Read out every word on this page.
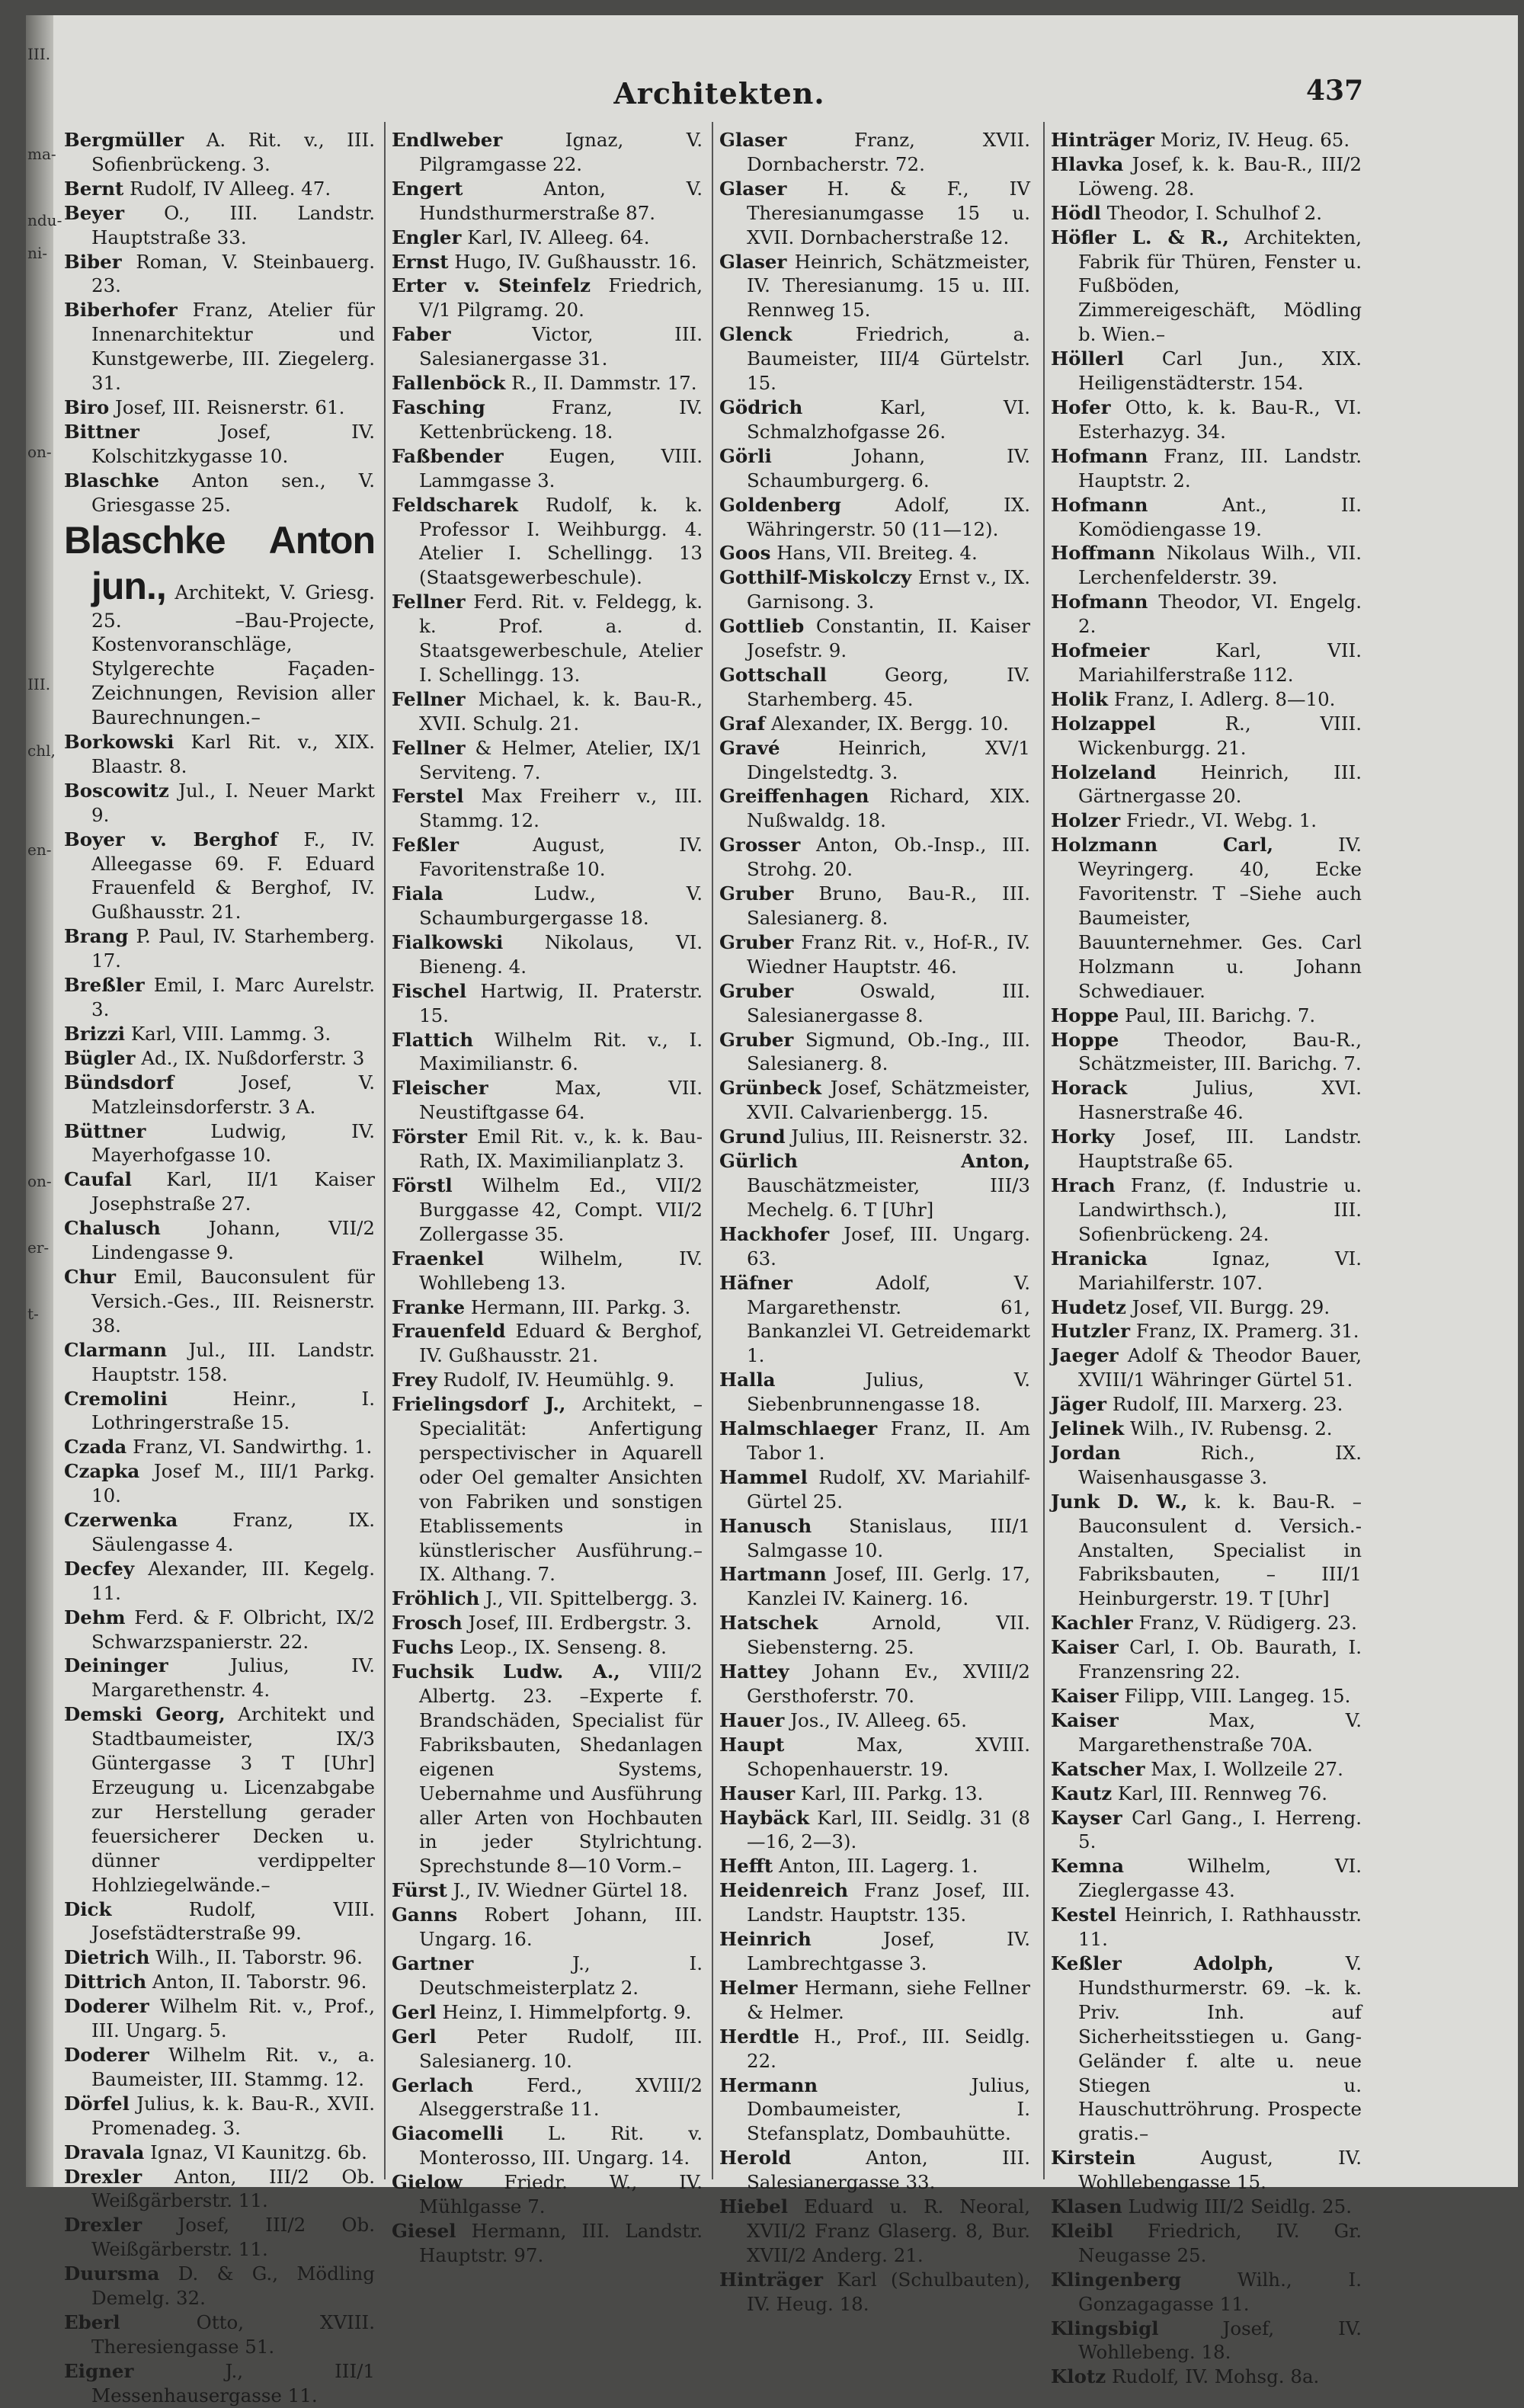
III.

ma-

ndu-
ni-

on-

III.

chl,

en-

on-

er-

t-

Architekten.	437

Bergmüller A. Rit. v., III. Sofienbrückeng. 3.

Bernt Rudolf, IV Alleeg. 47.

Beyer O., III. Landstr. Hauptstraße 33.

Biber Roman, V. Steinbauerg. 23.

Biberhofer Franz, Atelier für Innenarchitektur und Kunstgewerbe, III. Ziegelerg. 31.

Biro Josef, III. Reisnerstr. 61.

Bittner Josef, IV. Kolschitzkygasse 10.

Blaschke Anton sen., V. Griesgasse 25.

Blaschke Anton jun., Architekt, V. Griesg. 25. –Bau-Projecte, Kostenvoranschläge, Stylgerechte Façaden-Zeichnungen, Revision aller Baurechnungen.–

Borkowski Karl Rit. v., XIX. Blaastr. 8.

Boscowitz Jul., I. Neuer Markt 9.

Boyer v. Berghof F., IV. Alleegasse 69. F. Eduard Frauenfeld & Berghof, IV. Gußhausstr. 21.

Brang P. Paul, IV. Starhemberg. 17.

Breßler Emil, I. Marc Aurelstr. 3.

Brizzi Karl, VIII. Lammg. 3.

Bügler Ad., IX. Nußdorferstr. 3

Bündsdorf Josef, V. Matzleinsdorferstr. 3 A.

Büttner Ludwig, IV. Mayerhofgasse 10.

Caufal Karl, II/1 Kaiser Josephstraße 27.

Chalusch Johann, VII/2 Lindengasse 9.

Chur Emil, Bauconsulent für Versich.-Ges., III. Reisnerstr. 38.

Clarmann Jul., III. Landstr. Hauptstr. 158.

Cremolini Heinr., I. Lothringerstraße 15.

Czada Franz, VI. Sandwirthg. 1.

Czapka Josef M., III/1 Parkg. 10.

Czerwenka Franz, IX. Säulengasse 4.

Decfey Alexander, III. Kegelg. 11.

Dehm Ferd. & F. Olbricht, IX/2 Schwarzspanierstr. 22.

Deininger Julius, IV. Margarethenstr. 4.

Demski Georg, Architekt und Stadtbaumeister, IX/3 Güntergasse 3 T [Uhr] Erzeugung u. Licenzabgabe zur Herstellung gerader feuersicherer Decken u. dünner verdippelter Hohlziegelwände.–

Dick Rudolf, VIII. Josefstädterstraße 99.

Dietrich Wilh., II. Taborstr. 96.

Dittrich Anton, II. Taborstr. 96.

Doderer Wilhelm Rit. v., Prof., III. Ungarg. 5.

Doderer Wilhelm Rit. v., a. Baumeister, III. Stammg. 12.

Dörfel Julius, k. k. Bau-R., XVII. Promenadeg. 3.

Dravala Ignaz, VI Kaunitzg. 6b.

Drexler Anton, III/2 Ob. Weißgärberstr. 11.

Drexler Josef, III/2 Ob. Weißgärberstr. 11.

Duursma D. & G., Mödling Demelg. 32.

Eberl Otto, XVIII. Theresiengasse 51.

Eigner J., III/1 Messenhausergasse 11.

Endlweber Ignaz, V. Pilgramgasse 22.

Engert Anton, V. Hundsthurmerstraße 87.

Engler Karl, IV. Alleeg. 64.

Ernst Hugo, IV. Gußhausstr. 16.

Erter v. Steinfelz Friedrich, V/1 Pilgramg. 20.

Faber Victor, III. Salesianergasse 31.

Fallenböck R., II. Dammstr. 17.

Fasching Franz, IV. Kettenbrückeng. 18.

Faßbender Eugen, VIII. Lammgasse 3.

Feldscharek Rudolf, k. k. Professor I. Weihburgg. 4. Atelier I. Schellingg. 13 (Staatsgewerbeschule).

Fellner Ferd. Rit. v. Feldegg, k. k. Prof. a. d. Staatsgewerbeschule, Atelier I. Schellingg. 13.

Fellner Michael, k. k. Bau-R., XVII. Schulg. 21.

Fellner & Helmer, Atelier, IX/1 Serviteng. 7.

Ferstel Max Freiherr v., III. Stammg. 12.

Feßler August, IV. Favoritenstraße 10.

Fiala Ludw., V. Schaumburgergasse 18.

Fialkowski Nikolaus, VI. Bieneng. 4.

Fischel Hartwig, II. Praterstr. 15.

Flattich Wilhelm Rit. v., I. Maximilianstr. 6.

Fleischer Max, VII. Neustiftgasse 64.

Förster Emil Rit. v., k. k. Bau-Rath, IX. Maximilianplatz 3.

Förstl Wilhelm Ed., VII/2 Burggasse 42, Compt. VII/2 Zollergasse 35.

Fraenkel Wilhelm, IV. Wohllebeng 13.

Franke Hermann, III. Parkg. 3.

Frauenfeld Eduard & Berghof, IV. Gußhausstr. 21.

Frey Rudolf, IV. Heumühlg. 9.

Frielingsdorf J., Architekt, –Specialität: Anfertigung perspectivischer in Aquarell oder Oel gemalter Ansichten von Fabriken und sonstigen Etablissements in künstlerischer Ausführung.–IX. Althang. 7.

Fröhlich J., VII. Spittelbergg. 3.

Frosch Josef, III. Erdbergstr. 3.

Fuchs Leop., IX. Senseng. 8.

Fuchsik Ludw. A., VIII/2 Albertg. 23. –Experte f. Brandschäden, Specialist für Fabriksbauten, Shedanlagen eigenen Systems, Uebernahme und Ausführung aller Arten von Hochbauten in jeder Stylrichtung. Sprechstunde 8—10 Vorm.–

Fürst J., IV. Wiedner Gürtel 18.

Ganns Robert Johann, III. Ungarg. 16.

Gartner J., I. Deutschmeisterplatz 2.

Gerl Heinz, I. Himmelpfortg. 9.

Gerl Peter Rudolf, III. Salesianerg. 10.

Gerlach Ferd., XVIII/2 Alseggerstraße 11.

Giacomelli L. Rit. v. Monterosso, III. Ungarg. 14.

Gielow Friedr. W., IV. Mühlgasse 7.

Giesel Hermann, III. Landstr. Hauptstr. 97.

Glaser Franz, XVII. Dornbacherstr. 72.

Glaser H. & F., IV Theresianumgasse 15 u. XVII. Dornbacherstraße 12.

Glaser Heinrich, Schätzmeister, IV. Theresianumg. 15 u. III. Rennweg 15.

Glenck Friedrich, a. Baumeister, III/4 Gürtelstr. 15.

Gödrich Karl, VI. Schmalzhofgasse 26.

Görli Johann, IV. Schaumburgerg. 6.

Goldenberg Adolf, IX. Währingerstr. 50 (11—12).

Goos Hans, VII. Breiteg. 4.

Gotthilf-Miskolczy Ernst v., IX. Garnisong. 3.

Gottlieb Constantin, II. Kaiser Josefstr. 9.

Gottschall Georg, IV. Starhemberg. 45.

Graf Alexander, IX. Bergg. 10.

Gravé Heinrich, XV/1 Dingelstedtg. 3.

Greiffenhagen Richard, XIX. Nußwaldg. 18.

Grosser Anton, Ob.-Insp., III. Strohg. 20.

Gruber Bruno, Bau-R., III. Salesianerg. 8.

Gruber Franz Rit. v., Hof-R., IV. Wiedner Hauptstr. 46.

Gruber Oswald, III. Salesianergasse 8.

Gruber Sigmund, Ob.-Ing., III. Salesianerg. 8.

Grünbeck Josef, Schätzmeister, XVII. Calvarienbergg. 15.

Grund Julius, III. Reisnerstr. 32.

Gürlich Anton, Bauschätzmeister, III/3 Mechelg. 6. T [Uhr]

Hackhofer Josef, III. Ungarg. 63.

Häfner Adolf, V. Margarethenstr. 61, Bankanzlei VI. Getreidemarkt 1.

Halla Julius, V. Siebenbrunnengasse 18.

Halmschlaeger Franz, II. Am Tabor 1.

Hammel Rudolf, XV. Mariahilf-Gürtel 25.

Hanusch Stanislaus, III/1 Salmgasse 10.

Hartmann Josef, III. Gerlg. 17, Kanzlei IV. Kainerg. 16.

Hatschek Arnold, VII. Siebensterng. 25.

Hattey Johann Ev., XVIII/2 Gersthoferstr. 70.

Hauer Jos., IV. Alleeg. 65.

Haupt Max, XVIII. Schopenhauerstr. 19.

Hauser Karl, III. Parkg. 13.

Haybäck Karl, III. Seidlg. 31 (8—16, 2—3).

Hefft Anton, III. Lagerg. 1.

Heidenreich Franz Josef, III. Landstr. Hauptstr. 135.

Heinrich Josef, IV. Lambrechtgasse 3.

Helmer Hermann, siehe Fellner & Helmer.

Herdtle H., Prof., III. Seidlg. 22.

Hermann Julius, Dombaumeister, I. Stefansplatz, Dombauhütte.

Herold Anton, III. Salesianergasse 33.

Hiebel Eduard u. R. Neoral, XVII/2 Franz Glaserg. 8, Bur. XVII/2 Anderg. 21.

Hinträger Karl (Schulbauten), IV. Heug. 18.

Hinträger Moriz, IV. Heug. 65.

Hlavka Josef, k. k. Bau-R., III/2 Löweng. 28.

Hödl Theodor, I. Schulhof 2.

Höfler L. & R., Architekten, Fabrik für Thüren, Fenster u. Fußböden, Zimmereigeschäft, Mödling b. Wien.–

Höllerl Carl Jun., XIX. Heiligenstädterstr. 154.

Hofer Otto, k. k. Bau-R., VI. Esterhazyg. 34.

Hofmann Franz, III. Landstr. Hauptstr. 2.

Hofmann Ant., II. Komödiengasse 19.

Hoffmann Nikolaus Wilh., VII. Lerchenfelderstr. 39.

Hofmann Theodor, VI. Engelg. 2.

Hofmeier Karl, VII. Mariahilferstraße 112.

Holik Franz, I. Adlerg. 8—10.

Holzappel R., VIII. Wickenburgg. 21.

Holzeland Heinrich, III. Gärtnergasse 20.

Holzer Friedr., VI. Webg. 1.

Holzmann Carl, IV. Weyringerg. 40, Ecke Favoritenstr. T –Siehe auch Baumeister, Bauunternehmer. Ges. Carl Holzmann u. Johann Schwediauer.

Hoppe Paul, III. Barichg. 7.

Hoppe Theodor, Bau-R., Schätzmeister, III. Barichg. 7.

Horack Julius, XVI. Hasnerstraße 46.

Horky Josef, III. Landstr. Hauptstraße 65.

Hrach Franz, (f. Industrie u. Landwirthsch.), III. Sofienbrückeng. 24.

Hranicka Ignaz, VI. Mariahilferstr. 107.

Hudetz Josef, VII. Burgg. 29.

Hutzler Franz, IX. Pramerg. 31.

Jaeger Adolf & Theodor Bauer, XVIII/1 Währinger Gürtel 51.

Jäger Rudolf, III. Marxerg. 23.

Jelinek Wilh., IV. Rubensg. 2.

Jordan Rich., IX. Waisenhausgasse 3.

Junk D. W., k. k. Bau-R. –Bauconsulent d. Versich.-Anstalten, Specialist in Fabriksbauten, – III/1 Heinburgerstr. 19. T [Uhr]

Kachler Franz, V. Rüdigerg. 23.

Kaiser Carl, I. Ob. Baurath, I. Franzensring 22.

Kaiser Filipp, VIII. Langeg. 15.

Kaiser Max, V. Margarethenstraße 70A.

Katscher Max, I. Wollzeile 27.

Kautz Karl, III. Rennweg 76.

Kayser Carl Gang., I. Herreng. 5.

Kemna Wilhelm, VI. Zieglergasse 43.

Kestel Heinrich, I. Rathhausstr. 11.

Keßler Adolph, V. Hundsthurmerstr. 69. –k. k. Priv. Inh. auf Sicherheitsstiegen u. Gang-Geländer f. alte u. neue Stiegen u. Hauschuttröhrung. Prospecte gratis.–

Kirstein August, IV. Wohllebengasse 15.

Klasen Ludwig III/2 Seidlg. 25.

Kleibl Friedrich, IV. Gr. Neugasse 25.

Klingenberg Wilh., I. Gonzagagasse 11.

Klingsbigl Josef, IV. Wohllebeng. 18.

Klotz Rudolf, IV. Mohsg. 8a.
